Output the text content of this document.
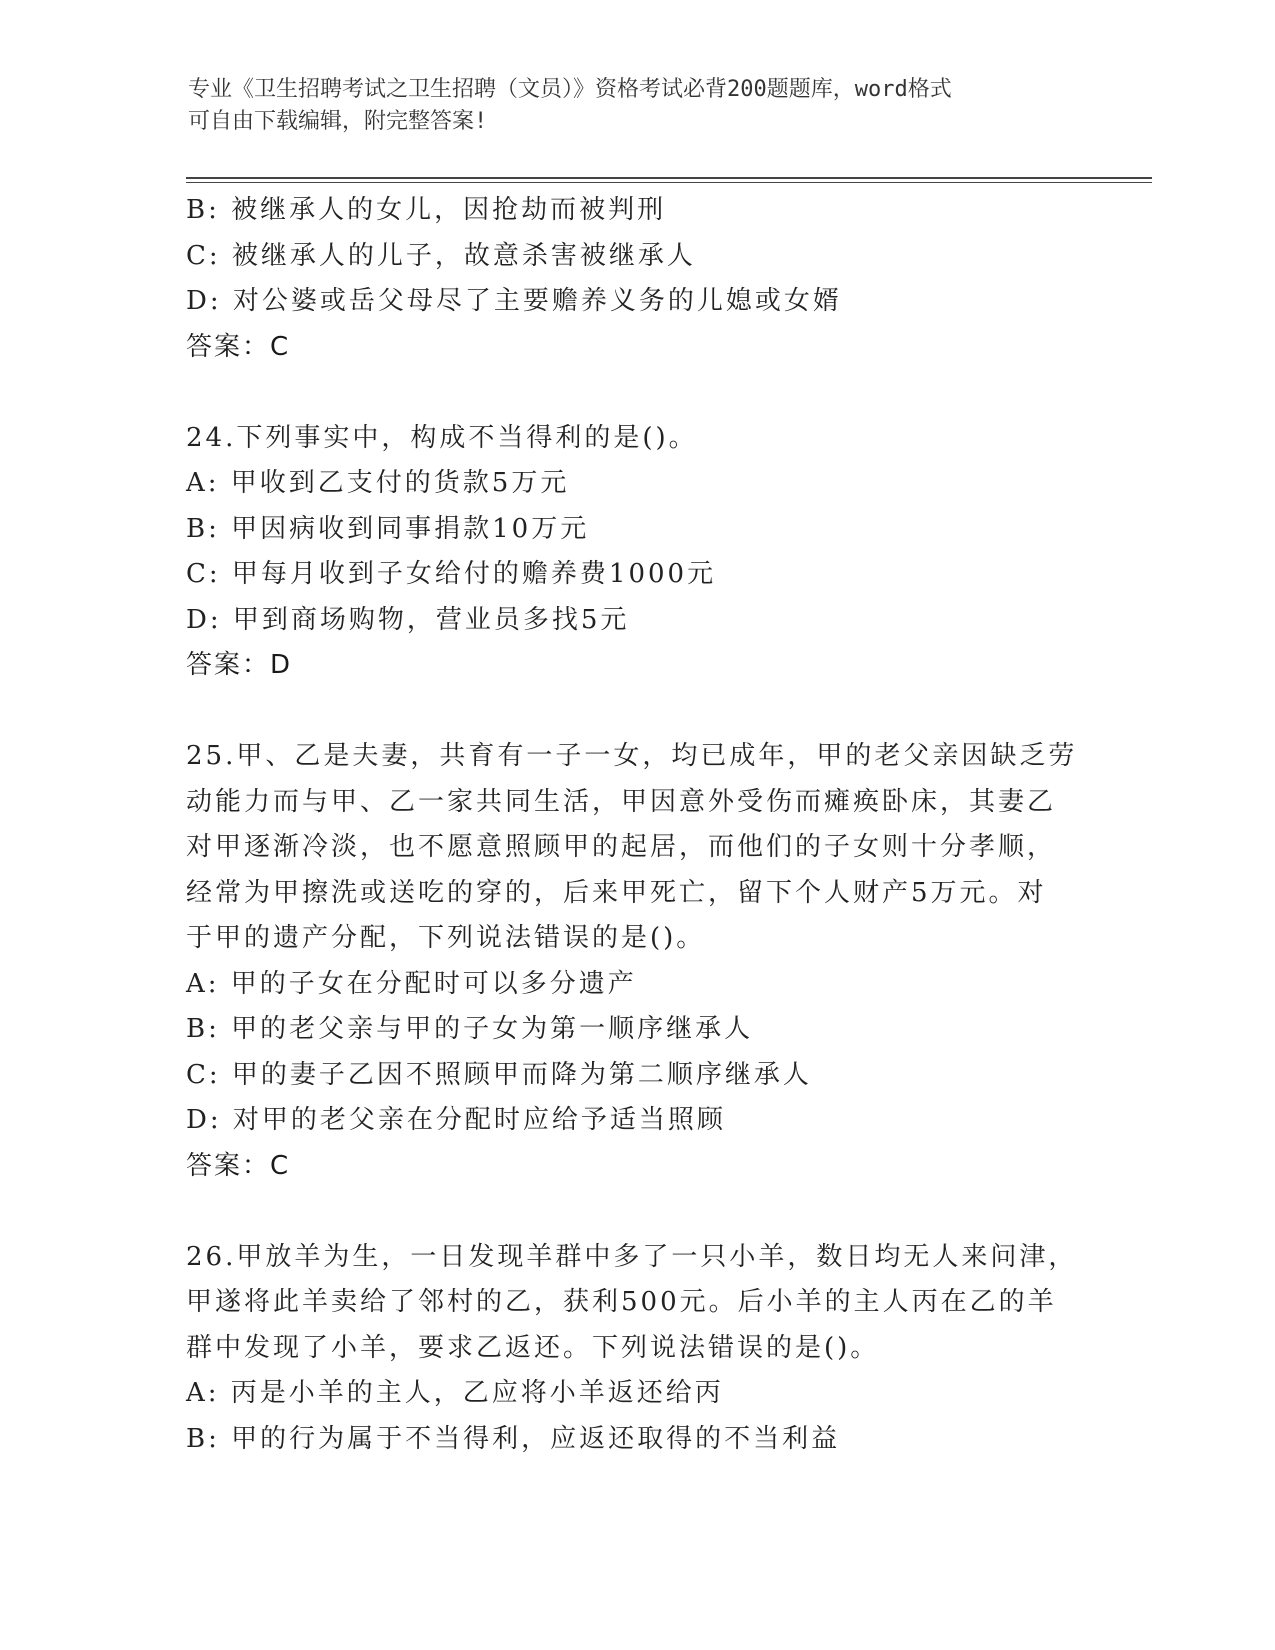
专业《卫生招聘考试之卫生招聘（文员）》资格考试必背200题题库，word格式
可自由下载编辑，附完整答案!
B: 被继承人的女儿，因抢劫而被判刑
C: 被继承人的儿子，故意杀害被继承人
D: 对公婆或岳父母尽了主要赡养义务的儿媳或女婿
答案：C
24.下列事实中，构成不当得利的是()。
A: 甲收到乙支付的货款5万元
B: 甲因病收到同事捐款10万元
C: 甲每月收到子女给付的赡养费1000元
D: 甲到商场购物，营业员多找5元
答案：D
25.甲、乙是夫妻，共育有一子一女，均已成年，甲的老父亲因缺乏劳
动能力而与甲、乙一家共同生活，甲因意外受伤而瘫痪卧床，其妻乙
对甲逐渐冷淡，也不愿意照顾甲的起居，而他们的子女则十分孝顺，
经常为甲擦洗或送吃的穿的，后来甲死亡，留下个人财产5万元。对
于甲的遗产分配，下列说法错误的是()。
A: 甲的子女在分配时可以多分遗产
B: 甲的老父亲与甲的子女为第一顺序继承人
C: 甲的妻子乙因不照顾甲而降为第二顺序继承人
D: 对甲的老父亲在分配时应给予适当照顾
答案：C
26.甲放羊为生，一日发现羊群中多了一只小羊，数日均无人来问津，
甲遂将此羊卖给了邻村的乙，获利500元。后小羊的主人丙在乙的羊
群中发现了小羊，要求乙返还。下列说法错误的是()。
A: 丙是小羊的主人，乙应将小羊返还给丙
B: 甲的行为属于不当得利，应返还取得的不当利益
